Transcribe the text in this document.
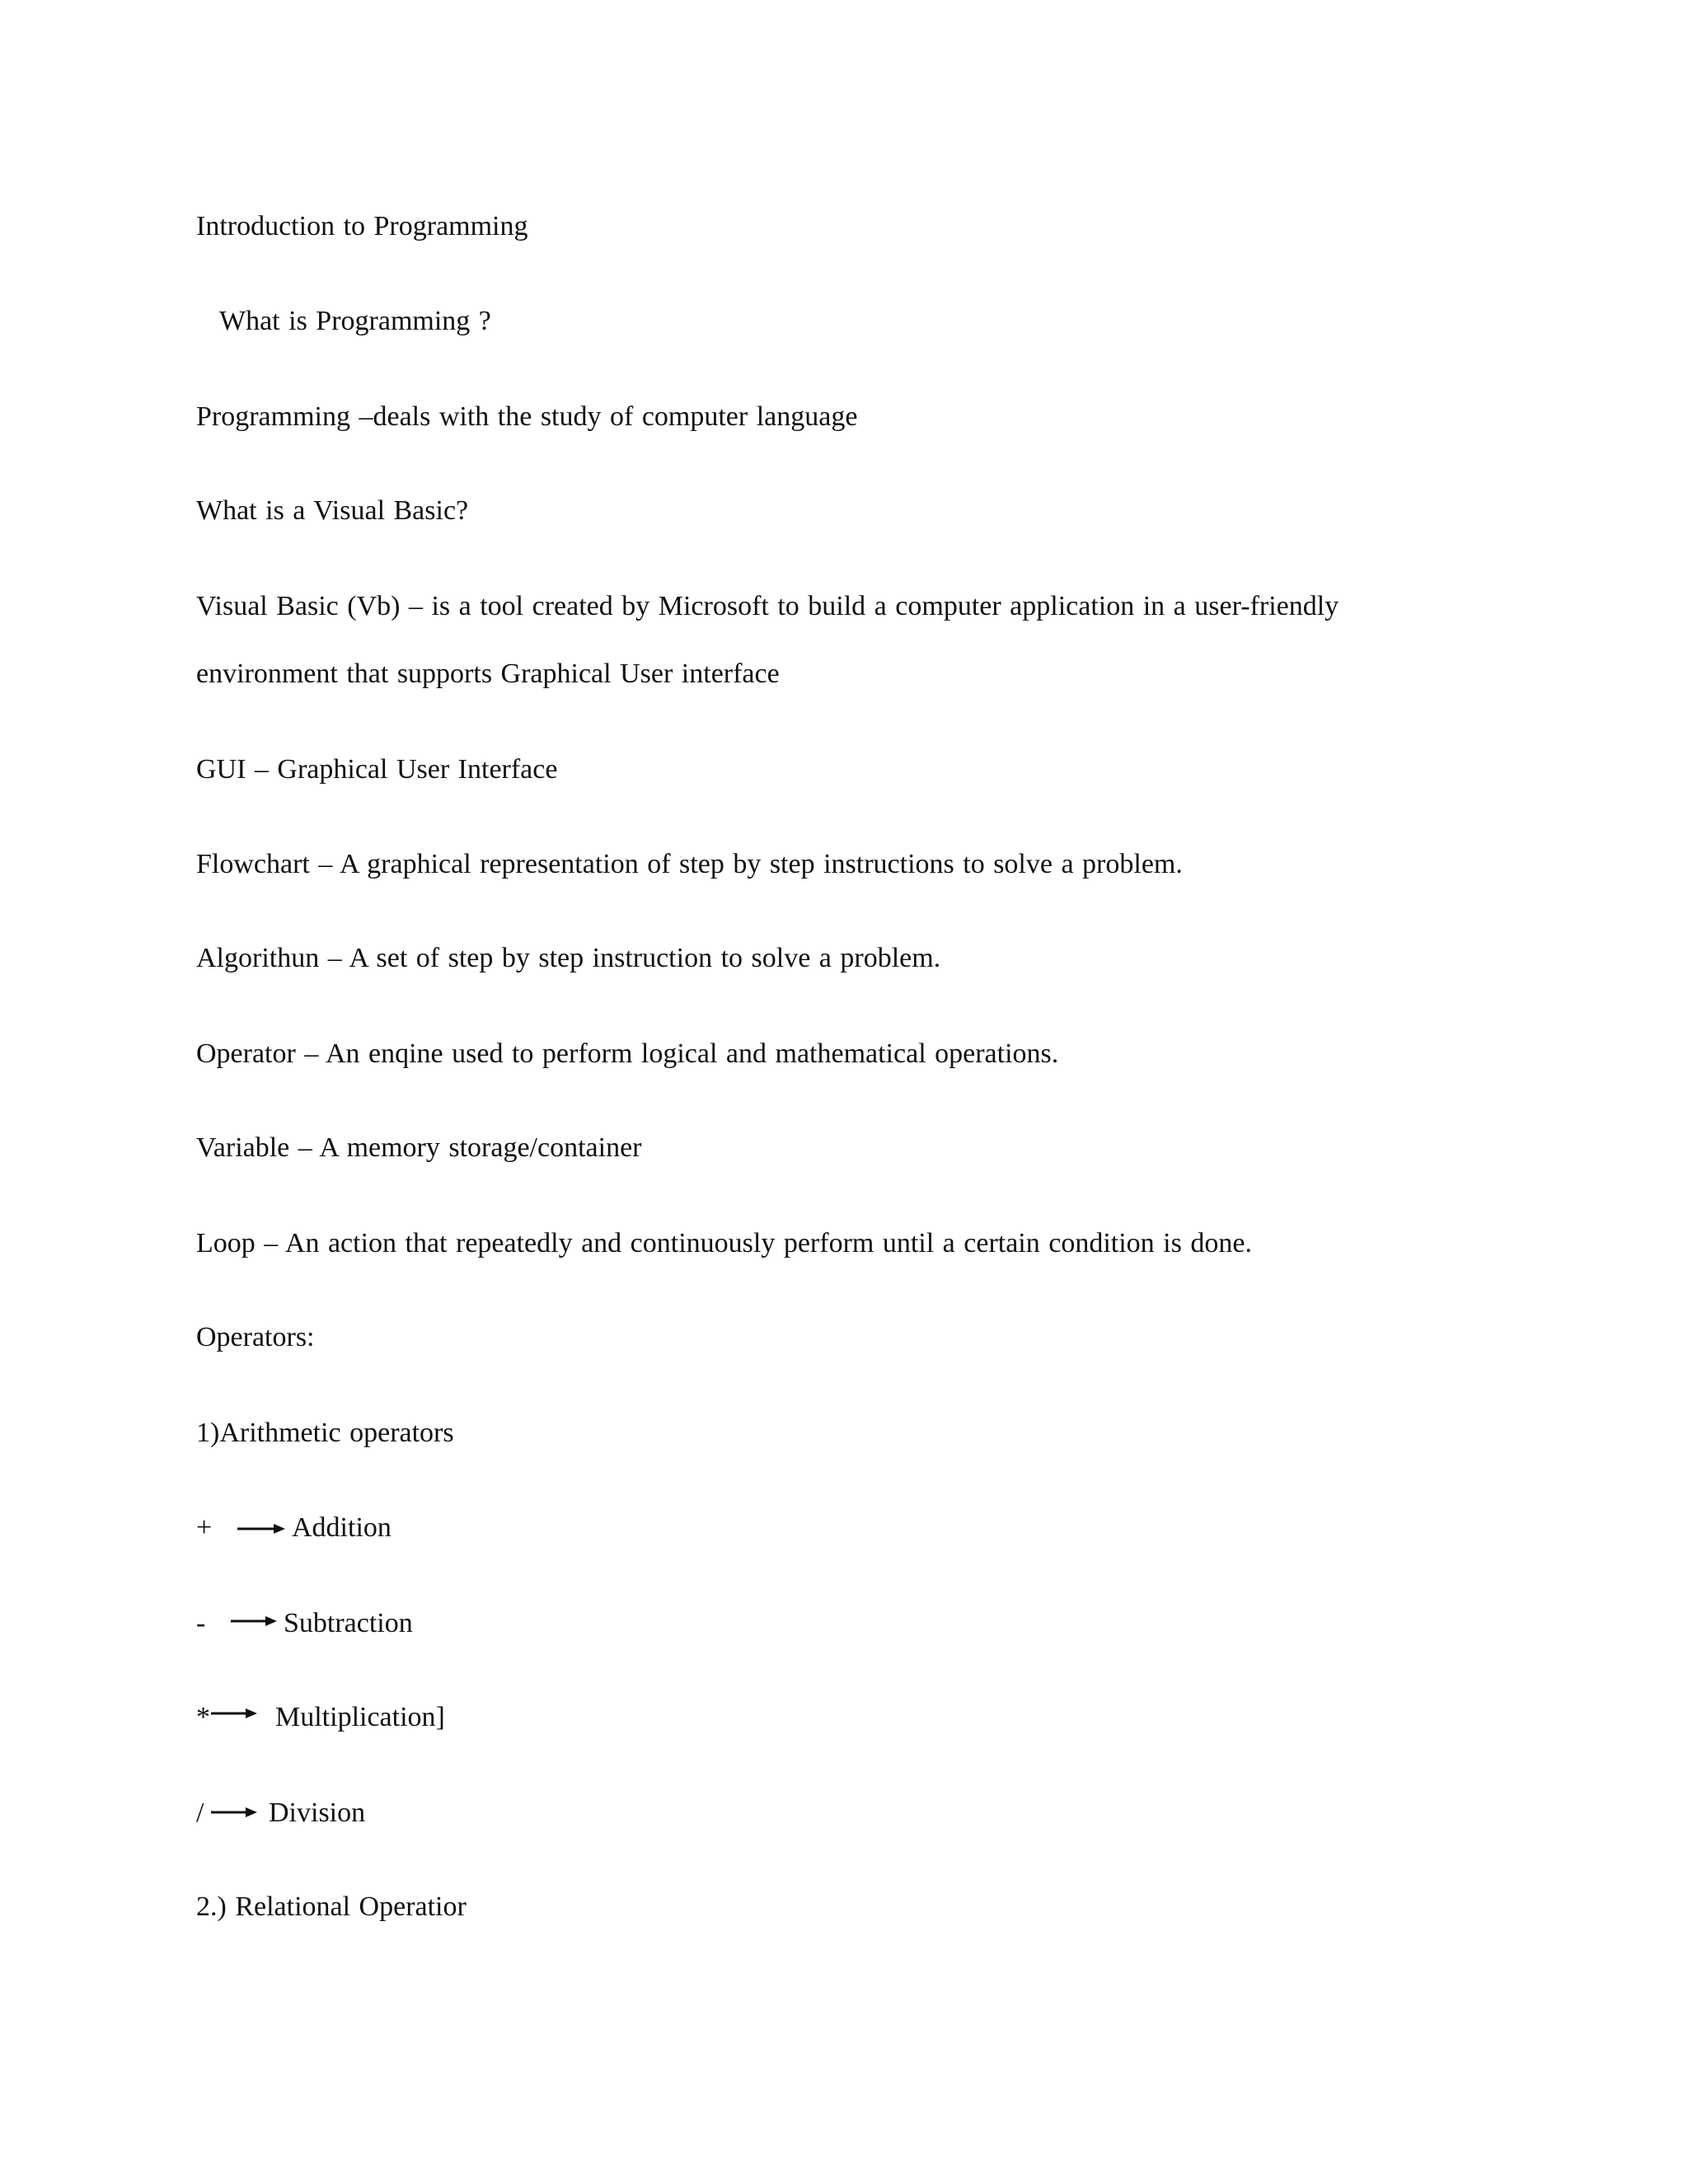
Introduction to Programming
What is Programming ?
Programming –deals with the study of computer language
What is a Visual Basic?
Visual Basic (Vb) – is a tool created by Microsoft to build a computer application in a user-friendly
environment that supports Graphical User interface
GUI – Graphical User Interface
Flowchart – A graphical representation of step by step instructions to solve a problem.
Algorithun – A set of step by step instruction to solve a problem.
Operator – An enqine used to perform logical and mathematical operations.
Variable – A memory storage/container
Loop – An action that repeatedly and continuously perform until a certain condition is done.
Operators:
1)Arithmetic operators
+	Addition
-	Subtraction
* Multiplication]
/ Division
2.) Relational Operatior
